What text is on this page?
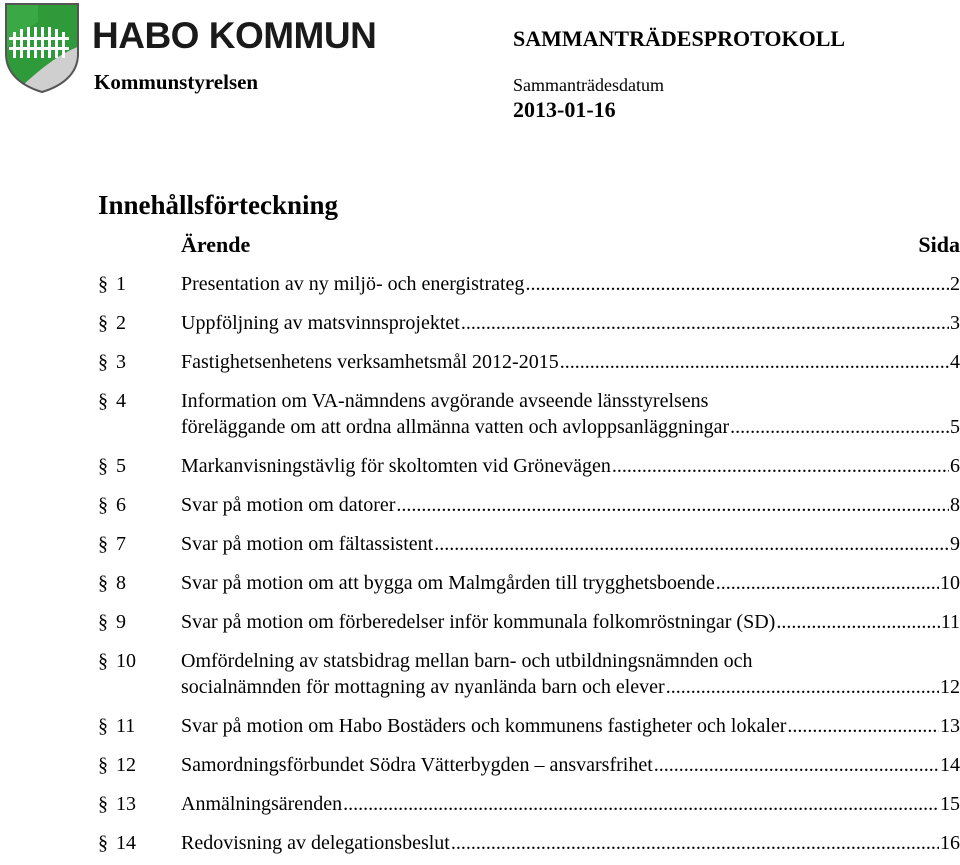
HABO KOMMUN
Kommunstyrelsen
SAMMANTRÄDESPROTOKOLL
Sammanträdesdatum
2013-01-16
Innehållsförteckning
Ärende	Sida
§ 1	Presentation av ny miljö- och energistrateg .....	2
§ 2	Uppföljning av matsvinnsprojektet .....	3
§ 3	Fastighetsenhetens verksamhetsmål 2012-2015 .....	4
§ 4	Information om VA-nämndens avgörande avseende länsstyrelsens
föreläggande om att ordna allmänna vatten och avloppsanläggningar .....	5
§ 5	Markanvisningstävlig för skoltomten vid Grönevägen .....	6
§ 6	Svar på motion om datorer .....	8
§ 7	Svar på motion om fältassistent .....	9
§ 8	Svar på motion om att bygga om Malmgården till trygghetsboende .....	10
§ 9	Svar på motion om förberedelser inför kommunala folkomröstningar (SD) .....	11
§ 10 Omfördelning av statsbidrag mellan barn- och utbildningsnämnden och
socialnämnden för mottagning av nyanlända barn och elever .....	12
§ 11 Svar på motion om Habo Bostäders och kommunens fastigheter och lokaler .....	13
§ 12 Samordningsförbundet Södra Vätterbygden – ansvarsfrihet .....	14
§ 13 Anmälningsärenden .....	15
§ 14 Redovisning av delegationsbeslut .....	16
